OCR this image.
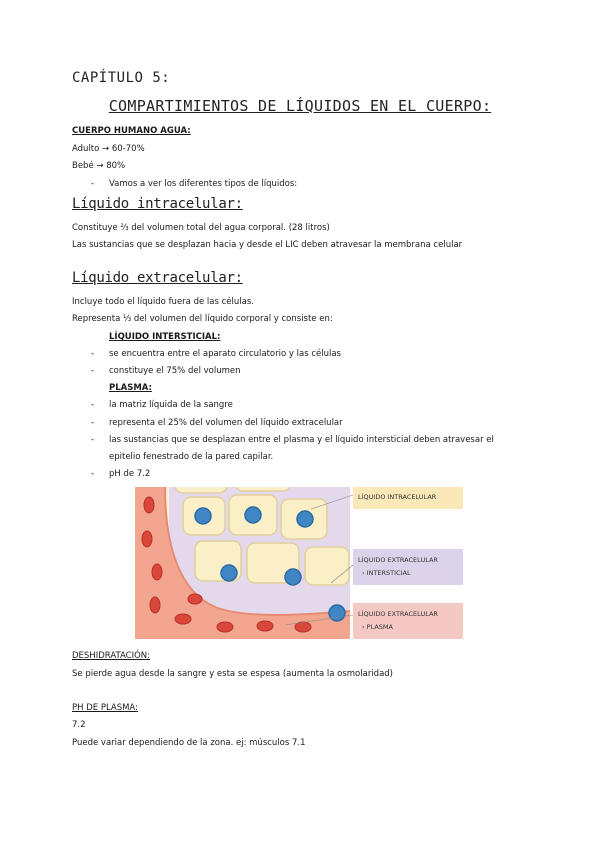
CAPÍTULO 5:
COMPARTIMIENTOS DE LÍQUIDOS EN EL CUERPO:
CUERPO HUMANO AGUA:
Adulto → 60-70%
Bebé → 80%
- Vamos a ver los diferentes tipos de líquidos:
Líquido intracelular:
Constituye ⅔ del volumen total del agua corporal. (28 litros)
Las sustancias que se desplazan hacia y desde el LIC deben atravesar la membrana celular
Líquido extracelular:
Incluye todo el líquido fuera de las células.
Representa ⅓ del volumen del líquido corporal y consiste en:
LÍQUIDO INTERSTICIAL:
- se encuentra entre el aparato circulatorio y las células
- constituye el 75% del volumen
PLASMA:
- la matriz líquida de la sangre
- representa el 25% del volumen del líquido extracelular
- las sustancias que se desplazan entre el plasma y el líquido intersticial deben atravesar el
epitelio fenestrado de la pared capilar.
- pH de 7.2
LÍQUIDO INTRACELULAR
LÍQUIDO EXTRACELULAR
› INTERSTICIAL
LÍQUIDO EXTRACELULAR
› PLASMA
DESHIDRATACIÓN:
Se pierde agua desde la sangre y esta se espesa (aumenta la osmolaridad)
PH DE PLASMA:
7.2
Puede variar dependiendo de la zona. ej: músculos 7.1
